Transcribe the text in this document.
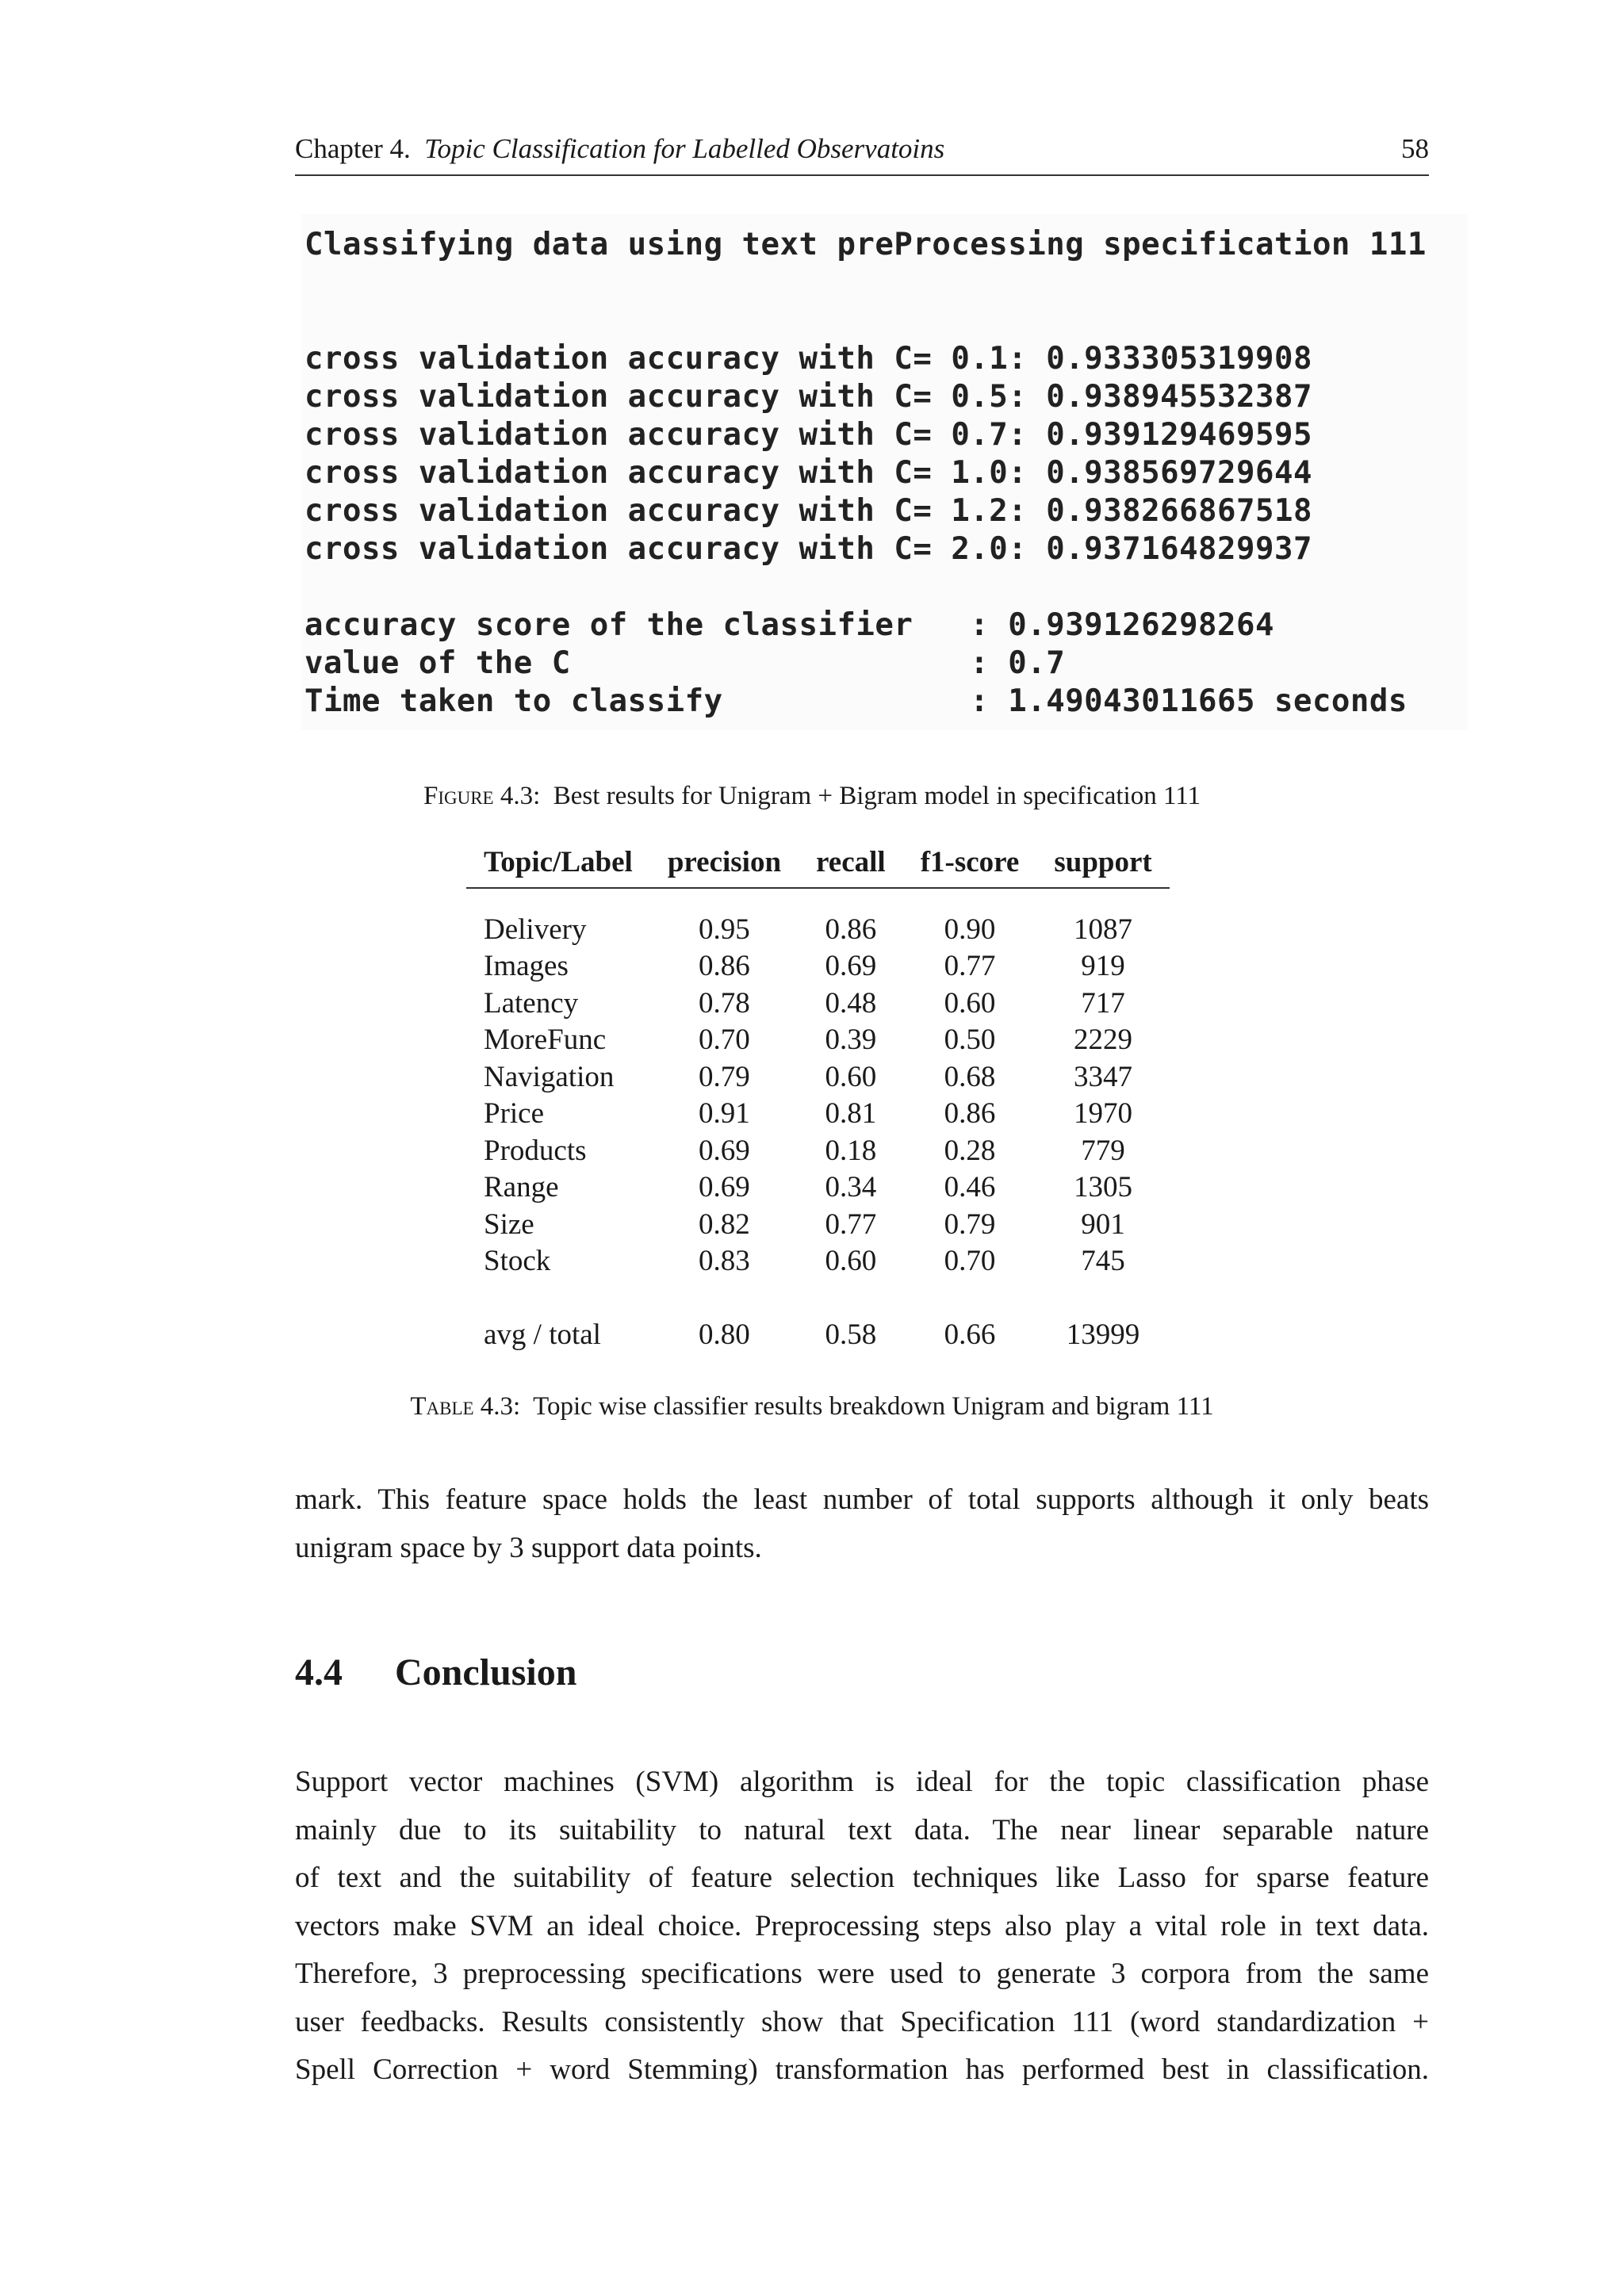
Chapter 4. Topic Classification for Labelled Observatoins	58
Classifying data using text preProcessing specification 111
cross validation accuracy with C= 0.1: 0.933305319908
cross validation accuracy with C= 0.5: 0.938945532387
cross validation accuracy with C= 0.7: 0.939129469595
cross validation accuracy with C= 1.0: 0.938569729644
cross validation accuracy with C= 1.2: 0.938266867518
cross validation accuracy with C= 2.0: 0.937164829937
accuracy score of the classifier   : 0.939126298264
value of the C                     : 0.7
Time taken to classify             : 1.49043011665 seconds
Figure 4.3: Best results for Unigram + Bigram model in specification 111
Topic/Label	precision	recall	f1-score	support

Delivery	0.95	0.86	0.90	1087
Images	0.86	0.69	0.77	919
Latency	0.78	0.48	0.60	717
MoreFunc	0.70	0.39	0.50	2229
Navigation	0.79	0.60	0.68	3347
Price	0.91	0.81	0.86	1970
Products	0.69	0.18	0.28	779
Range	0.69	0.34	0.46	1305
Size	0.82	0.77	0.79	901
Stock	0.83	0.60	0.70	745

avg / total	0.80	0.58	0.66	13999
Table 4.3: Topic wise classifier results breakdown Unigram and bigram 111
mark. This feature space holds the least number of total supports although it only beats
unigram space by 3 support data points.
4.4 Conclusion
Support vector machines (SVM) algorithm is ideal for the topic classification phase
mainly due to its suitability to natural text data. The near linear separable nature
of text and the suitability of feature selection techniques like Lasso for sparse feature
vectors make SVM an ideal choice. Preprocessing steps also play a vital role in text data.
Therefore, 3 preprocessing specifications were used to generate 3 corpora from the same
user feedbacks. Results consistently show that Specification 111 (word standardization +
Spell Correction + word Stemming) transformation has performed best in classification.
